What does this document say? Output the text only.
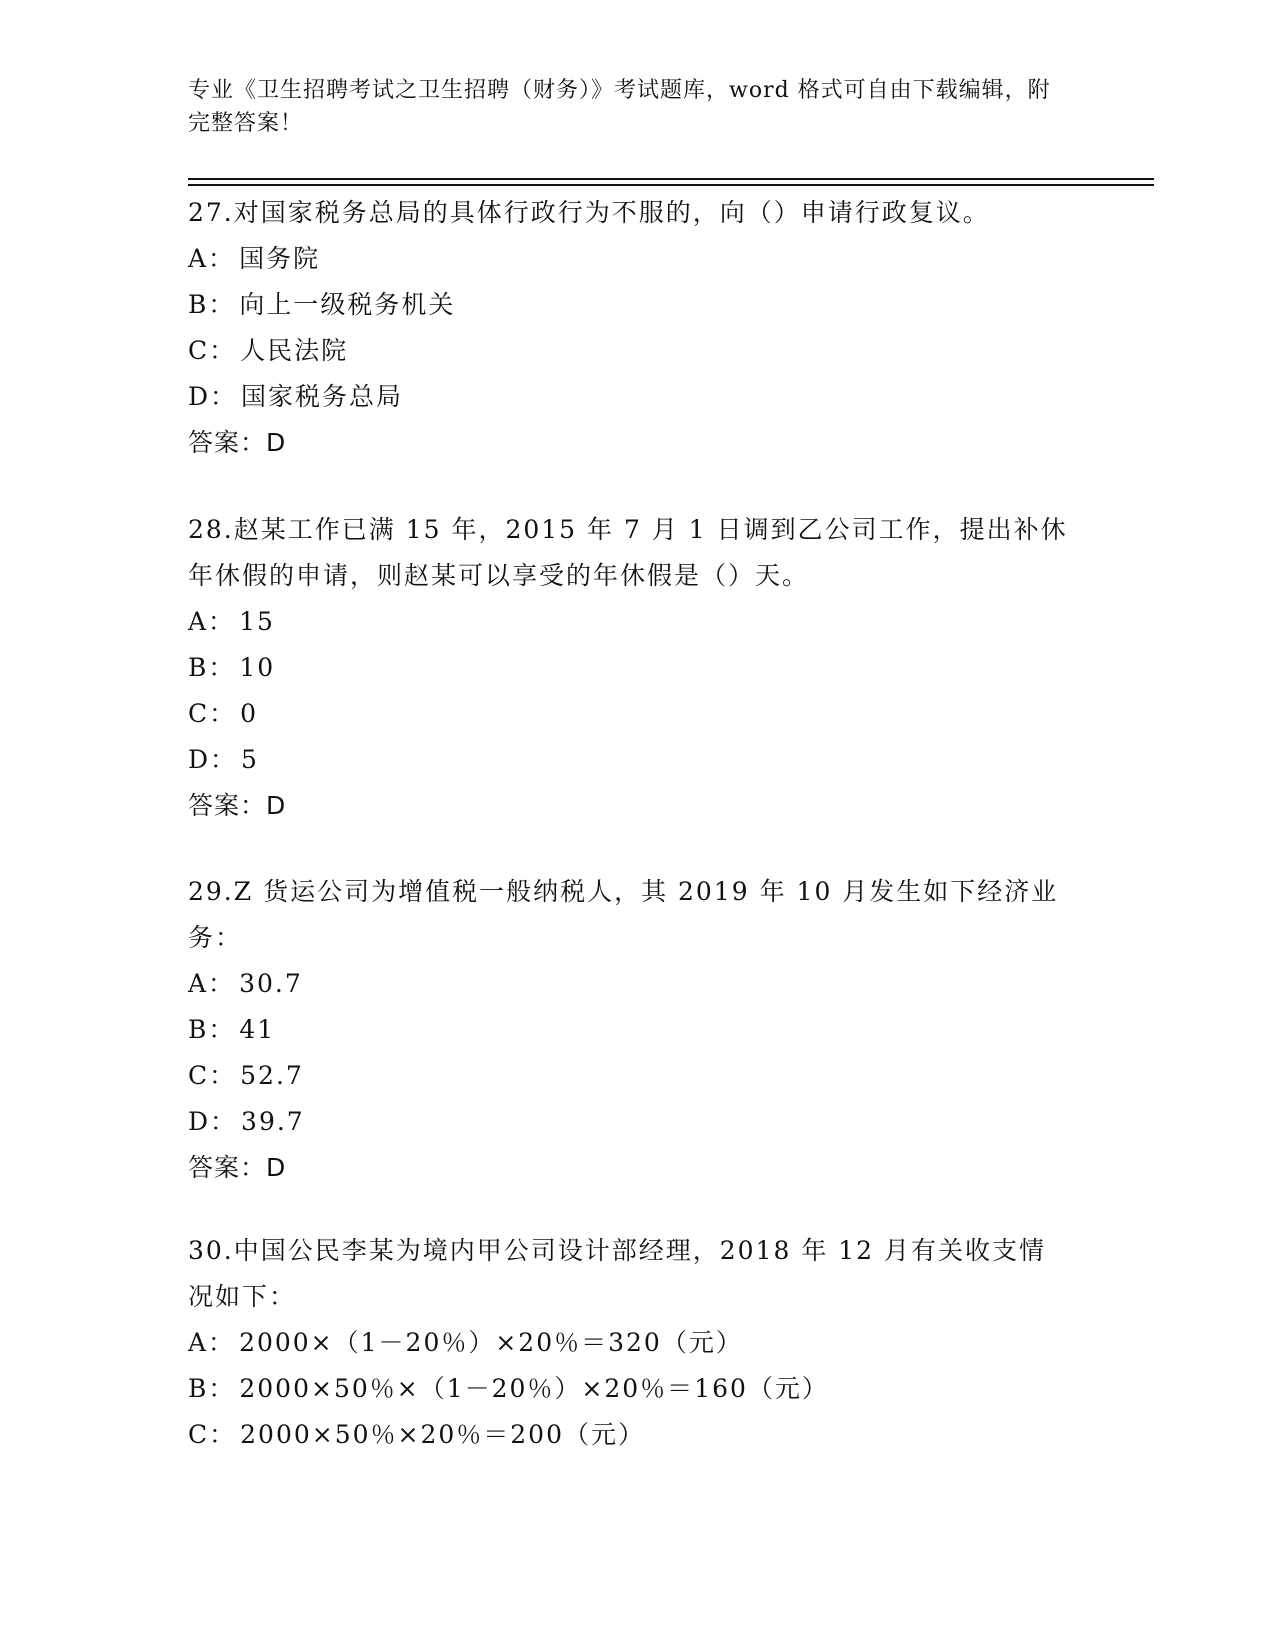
专业《卫生招聘考试之卫生招聘（财务）》考试题库，word 格式可自由下载编辑，附完整答案！
27.对国家税务总局的具体行政行为不服的，向（）申请行政复议。
A： 国务院
B： 向上一级税务机关
C： 人民法院
D： 国家税务总局
答案：D
28.赵某工作已满 15 年，2015 年 7 月 1 日调到乙公司工作，提出补休年休假的申请，则赵某可以享受的年休假是（）天。
A： 15
B： 10
C： 0
D： 5
答案：D
29.Z 货运公司为增值税一般纳税人，其 2019 年 10 月发生如下经济业务：
A： 30.7
B： 41
C： 52.7
D： 39.7
答案：D
30.中国公民李某为境内甲公司设计部经理，2018 年 12 月有关收支情况如下：
A： 2000×（1－20％）×20％＝320（元）
B： 2000×50％×（1－20％）×20％＝160（元）
C： 2000×50％×20％＝200（元）
